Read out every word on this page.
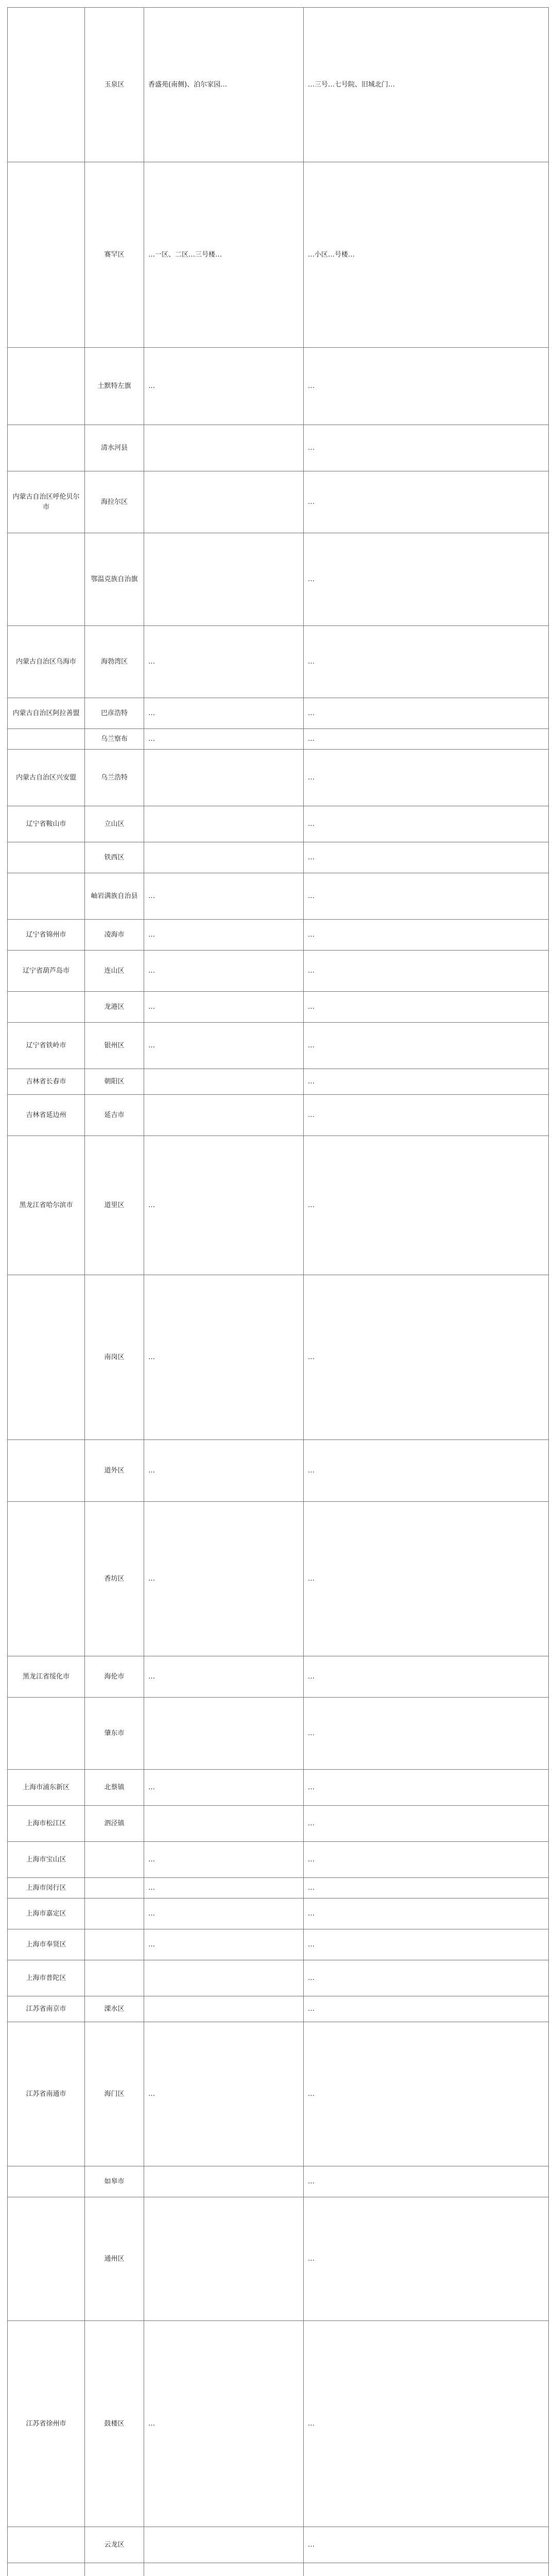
	玉泉区	香盛苑(南侧)、泊尔家园…	…三号…七号院、旧城北门…

	赛罕区	…一区、二区…三号楼…	…小区…号楼…

	土默特左旗	…	…

	清水河县		…

内蒙古自治区呼伦贝尔市	海拉尔区		…

	鄂温克族自治旗		…

内蒙古自治区乌海市	海勃湾区	…	…

内蒙古自治区阿拉善盟	巴彦浩特	…	…

	乌兰察布	…	…

内蒙古自治区兴安盟	乌兰浩特		…

辽宁省鞍山市	立山区		…

	铁西区		…

	岫岩满族自治县	…	…

辽宁省锦州市	凌海市	…	…

辽宁省葫芦岛市	连山区	…	…

	龙港区	…	…

辽宁省铁岭市	银州区	…	…

吉林省长春市	朝阳区		…

吉林省延边州	延吉市		…

黑龙江省哈尔滨市	道里区	…	…

	南岗区	…	…

	道外区	…	…

	香坊区	…	…

黑龙江省绥化市	海伦市	…	…

	肇东市		…

上海市浦东新区	北蔡镇	…	…

上海市松江区	泗泾镇		…

上海市宝山区		…	…

上海市闵行区		…	…

上海市嘉定区		…	…

上海市奉贤区		…	…

上海市普陀区			…

江苏省南京市	溧水区		…

江苏省南通市	海门区	…	…

	如皋市		…

	通州区		…

江苏省徐州市	鼓楼区	…	…

	云龙区		…
